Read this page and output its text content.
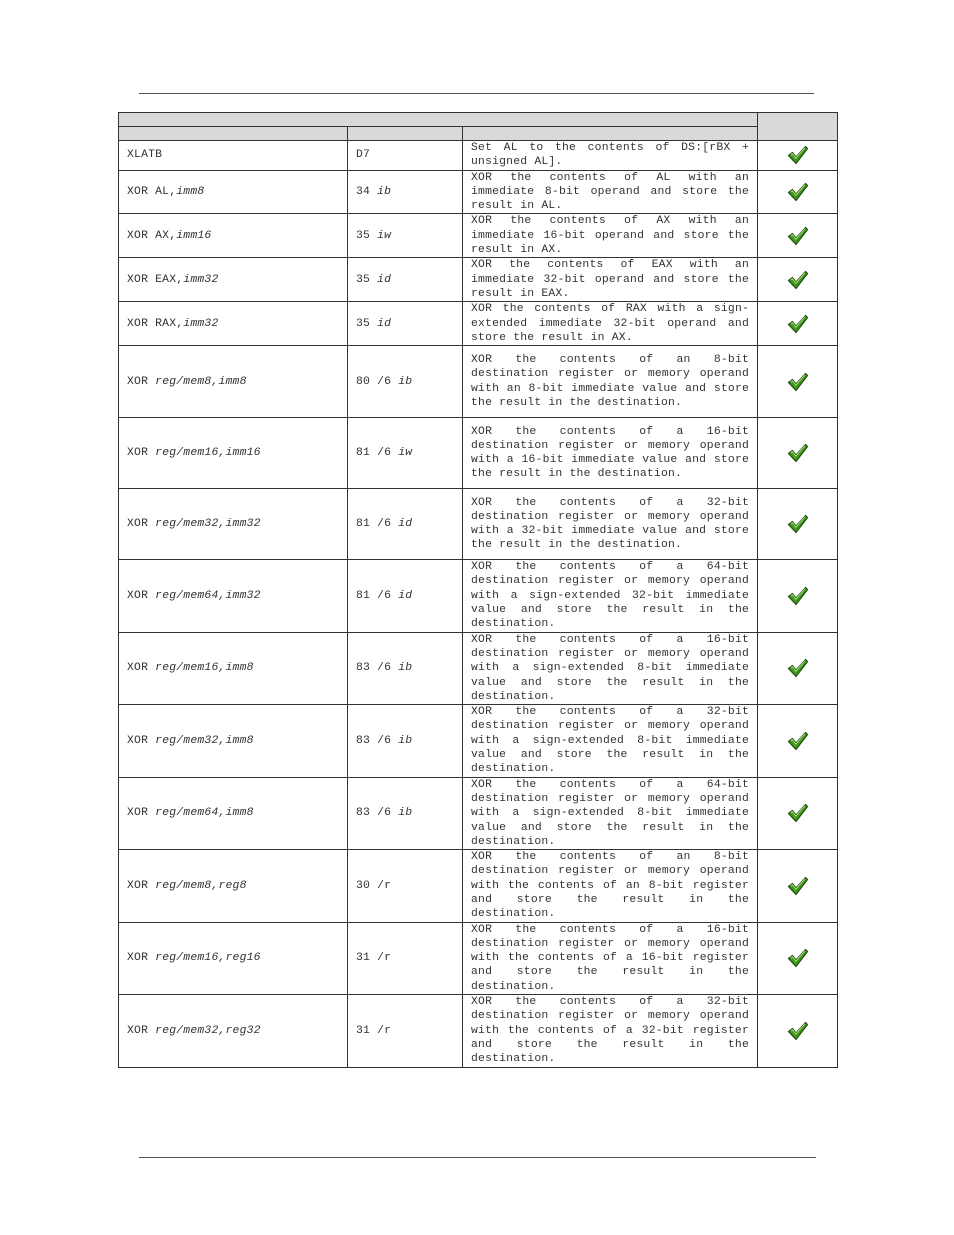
XLATB	D7	Set AL to the contents of DS:[rBX + unsigned AL].	
XOR AL,imm8	34 ib	XOR the contents of AL with an immediate 8-bit operand and store the result in AL.	
XOR AX,imm16	35 iw	XOR the contents of AX with an immediate 16-bit operand and store the result in AX.	
XOR EAX,imm32	35 id	XOR the contents of EAX with an immediate 32-bit operand and store the result in EAX.	
XOR RAX,imm32	35 id	XOR the contents of RAX with a sign-extended immediate 32-bit operand and store the result in AX.	
XOR reg/mem8,imm8	80 /6 ib	XOR the contents of an 8-bit destination register or memory operand with an 8-bit immediate value and store the result in the destination.	
XOR reg/mem16,imm16	81 /6 iw	XOR the contents of a 16-bit destination register or memory operand with a 16-bit immediate value and store the result in the destination.	
XOR reg/mem32,imm32	81 /6 id	XOR the contents of a 32-bit destination register or memory operand with a 32-bit immediate value and store the result in the destination.	
XOR reg/mem64,imm32	81 /6 id	XOR the contents of a 64-bit destination register or memory operand with a sign-extended 32-bit immediate value and store the result in the destination.	
XOR reg/mem16,imm8	83 /6 ib	XOR the contents of a 16-bit destination register or memory operand with a sign-extended 8-bit immediate value and store the result in the destination.	
XOR reg/mem32,imm8	83 /6 ib	XOR the contents of a 32-bit destination register or memory operand with a sign-extended 8-bit immediate value and store the result in the destination.	
XOR reg/mem64,imm8	83 /6 ib	XOR the contents of a 64-bit destination register or memory operand with a sign-extended 8-bit immediate value and store the result in the destination.	
XOR reg/mem8,reg8	30 /r	XOR the contents of an 8-bit destination register or memory operand with the contents of an 8-bit register and store the result in the destination.	
XOR reg/mem16,reg16	31 /r	XOR the contents of a 16-bit destination register or memory operand with the contents of a 16-bit register and store the result in the destination.	
XOR reg/mem32,reg32	31 /r	XOR the contents of a 32-bit destination register or memory operand with the contents of a 32-bit register and store the result in the destination.	
